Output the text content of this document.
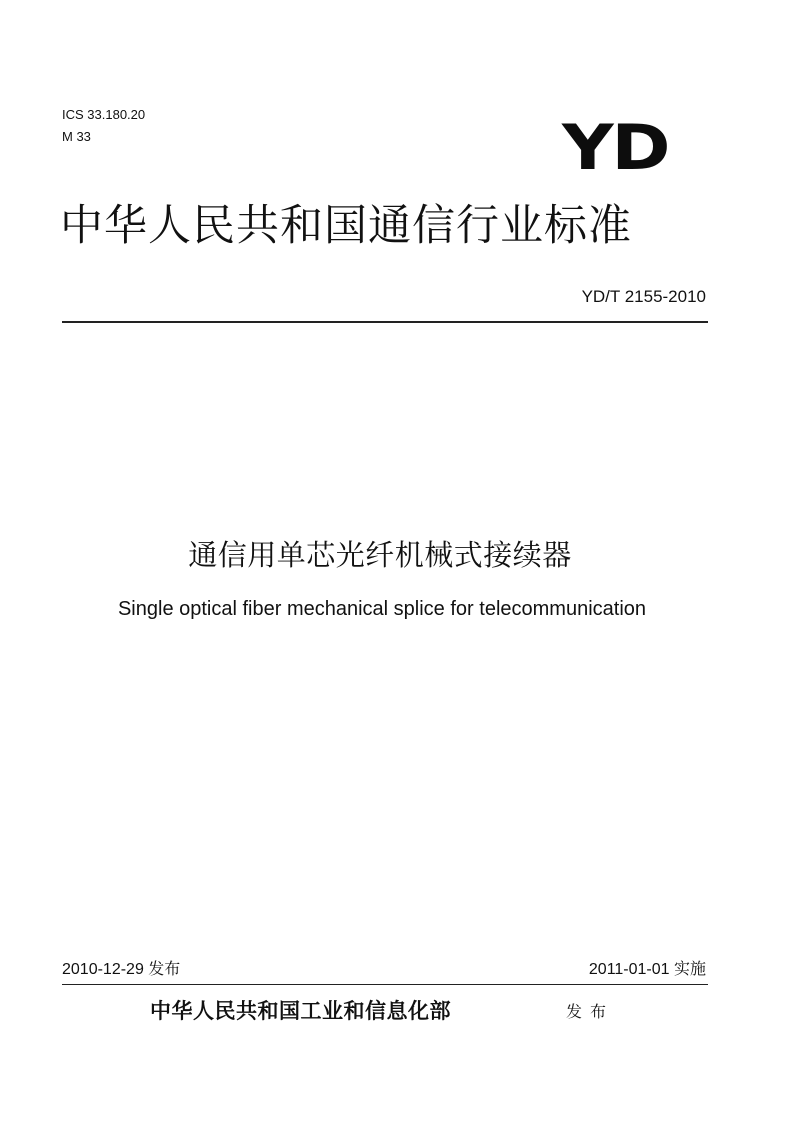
ICS 33.180.20
M 33	YD
中华人民共和国通信行业标准
YD/T 2155-2010
通信用单芯光纤机械式接续器
Single optical fiber mechanical splice for telecommunication
2010-12-29 发布	2011-01-01 实施
中华人民共和国工业和信息化部	发布
